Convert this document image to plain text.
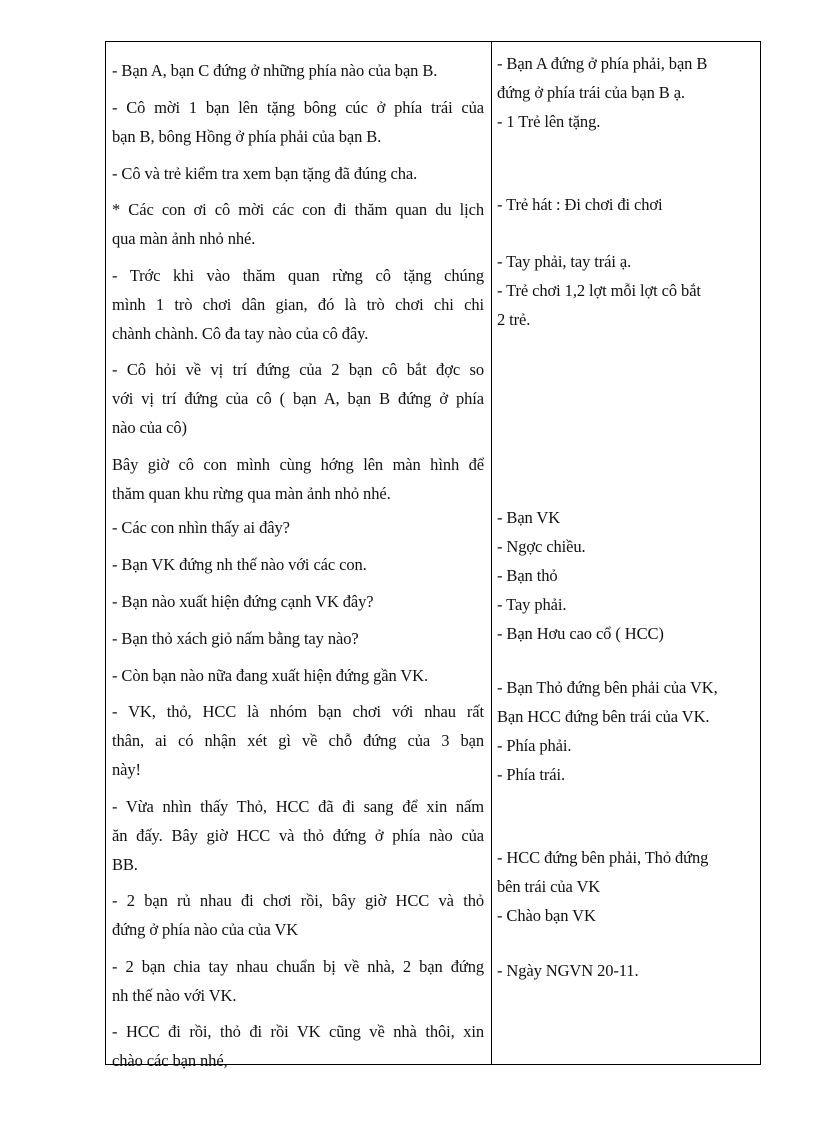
- Bạn A, bạn C đứng ở những phía nào của bạn B.
- Cô mời 1 bạn lên tặng bông cúc ở phía trái của
bạn B, bông Hồng ở phía phải của bạn B.
- Cô và trẻ kiểm tra xem bạn tặng đã đúng cha.
* Các con ơi cô mời các con đi thăm quan du lịch
qua màn ảnh nhỏ nhé.
- Trớc khi vào thăm quan rừng cô tặng chúng
mình 1 trò chơi dân gian, đó là trò chơi chi chi
chành chành. Cô đa tay nào của cô đây.
- Cô hỏi về vị trí đứng của 2 bạn cô bắt đợc so
với vị trí đứng của cô ( bạn A, bạn B đứng ở phía
nào của cô)
Bây giờ cô con mình cùng hớng lên màn hình để
thăm quan khu rừng qua màn ảnh nhỏ nhé.
- Các con nhìn thấy ai đây?
- Bạn VK đứng nh thế nào với các con.
- Bạn nào xuất hiện đứng cạnh VK đây?
- Bạn thỏ xách giỏ nấm bằng tay nào?
- Còn bạn nào nữa đang xuất hiện đứng gần VK.
- VK, thỏ, HCC là nhóm bạn chơi với nhau rất
thân, ai có nhận xét gì về chỗ đứng của 3 bạn
này!
- Vừa nhìn thấy Thỏ, HCC đã đi sang để xin nấm
ăn đấy. Bây giờ HCC và thỏ đứng ở phía nào của
BB.
- 2 bạn rủ nhau đi chơi rồi, bây giờ HCC và thỏ
đứng ở phía nào của của VK
- 2 bạn chia tay nhau chuẩn bị về nhà, 2 bạn đứng
nh thế nào với VK.
- HCC đi rồi, thỏ đi rồi VK cũng về nhà thôi, xin
chào các bạn nhé,
- Bạn A đứng ở phía phải, bạn B
đứng ở phía trái của bạn B ạ.
- 1 Trẻ lên tặng.
- Trẻ hát : Đi chơi đi chơi
- Tay phải, tay trái ạ.
- Trẻ chơi 1,2 lợt mỗi lợt cô bắt
2 trẻ.
- Bạn VK
- Ngợc chiều.
- Bạn thỏ
- Tay phải.
- Bạn Hơu cao cổ ( HCC)
- Bạn Thỏ đứng bên phải của VK,
Bạn HCC đứng bên trái của VK.
- Phía phải.
- Phía trái.
- HCC đứng bên phải, Thỏ đứng
bên trái của VK
- Chào bạn VK
- Ngày NGVN 20-11.
